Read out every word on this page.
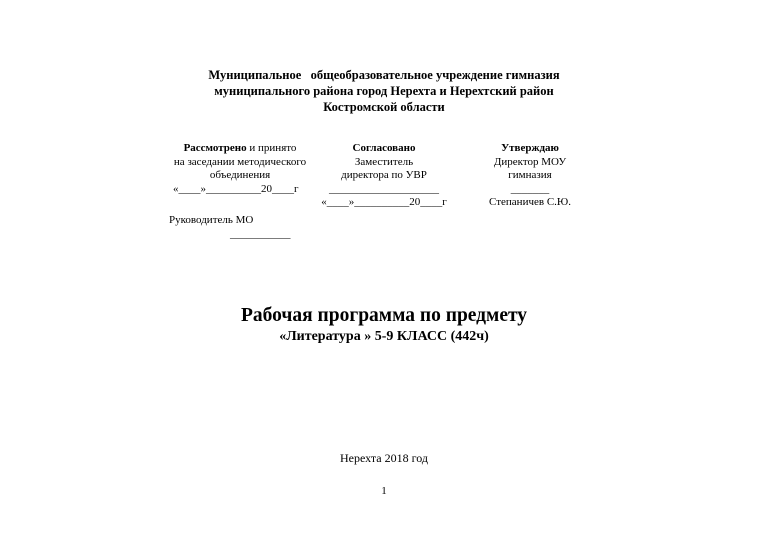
Муниципальное   общеобразовательное учреждение гимназия
муниципального района город Нерехта и Нерехтский район
Костромской области
Рассмотрено и принято
на заседании методического
объединения
«____»__________20____г
Руководитель МО
___________
Согласовано
Заместитель
директора по УВР
____________________
«____»__________20____г
Утверждаю
Директор МОУ
гимназия
_______
Степаничев С.Ю.
Рабочая программа по предмету
«Литература » 5-9 КЛАСС (442ч)
Нерехта 2018 год
1
